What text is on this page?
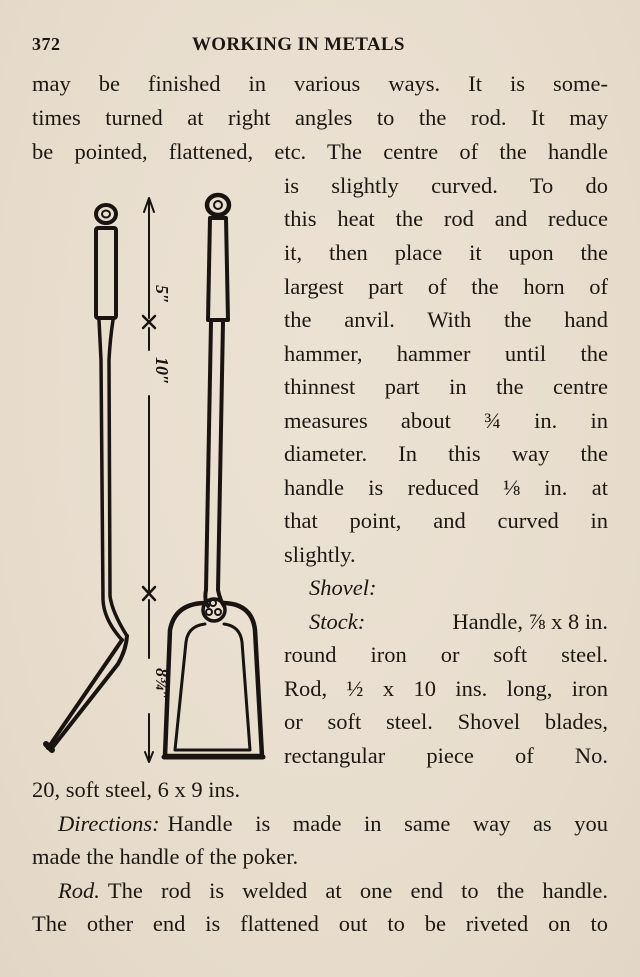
372	WORKING IN METALS
may be finished in various ways. It is some-
times turned at right angles to the rod. It may
be pointed, flattened, etc. The centre of the handle
is slightly curved. To do
this heat the rod and reduce
it, then place it upon the
largest part of the horn of
the anvil. With the hand
hammer, hammer until the
thinnest part in the centre
measures about ¾ in. in
diameter. In this way the
handle is reduced ⅛ in. at
that point, and curved in
slightly.
Shovel:
Stock:	Handle, ⅞ x 8 in.
round iron or soft steel.
Rod, ½ x 10 ins. long, iron
or soft steel. Shovel blades,
rectangular piece of No.
20, soft steel, 6 x 9 ins.
Directions: Handle is made in same way as you
made the handle of the poker.
Rod. The rod is welded at one end to the handle.
The other end is flattened out to be riveted on to
5″
10″
8¾″
